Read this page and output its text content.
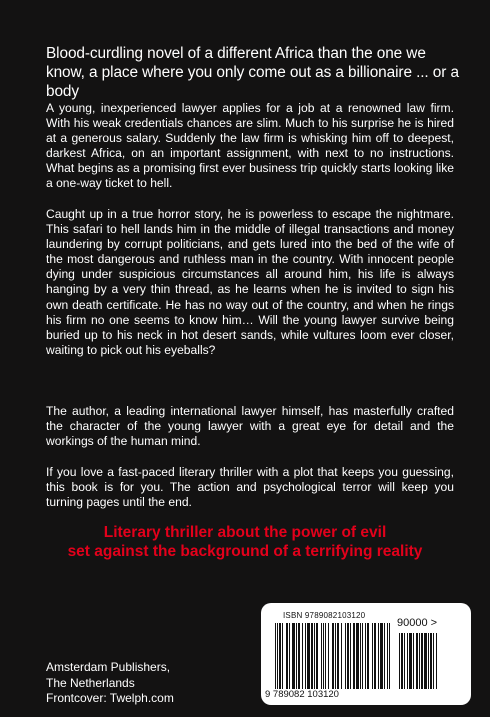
Blood-curdling novel of a different Africa than the one we know, a place where you only come out as a billionaire ... or a body

A young, inexperienced lawyer applies for a job at a renowned law firm. With his weak credentials chances are slim. Much to his surprise he is hired at a generous salary. Suddenly the law firm is whisking him off to deepest, darkest Africa, on an important assignment, with next to no instructions. What begins as a promising first ever business trip quickly starts looking like a one-way ticket to hell.

Caught up in a true horror story, he is powerless to escape the nightmare. This safari to hell lands him in the middle of illegal transactions and money laundering by corrupt politicians, and gets lured into the bed of the wife of the most dangerous and ruthless man in the country. With innocent people dying under suspicious circumstances all around him, his life is always hanging by a very thin thread, as he learns when he is invited to sign his own death certificate. He has no way out of the country, and when he rings his firm no one seems to know him… Will the young lawyer survive being buried up to his neck in hot desert sands, while vultures loom ever closer, waiting to pick out his eyeballs?

The author, a leading international lawyer himself, has masterfully crafted the character of the young lawyer with a great eye for detail and the workings of the human mind.

If you love a fast-paced literary thriller with a plot that keeps you guessing, this book is for you. The action and psychological terror will keep you turning pages until the end.

Literary thriller about the power of evil
set against the background of a terrifying reality
Amsterdam Publishers,
The Netherlands
Frontcover: Twelph.com
ISBN 9789082103120
90000 >
9 789082 103120
